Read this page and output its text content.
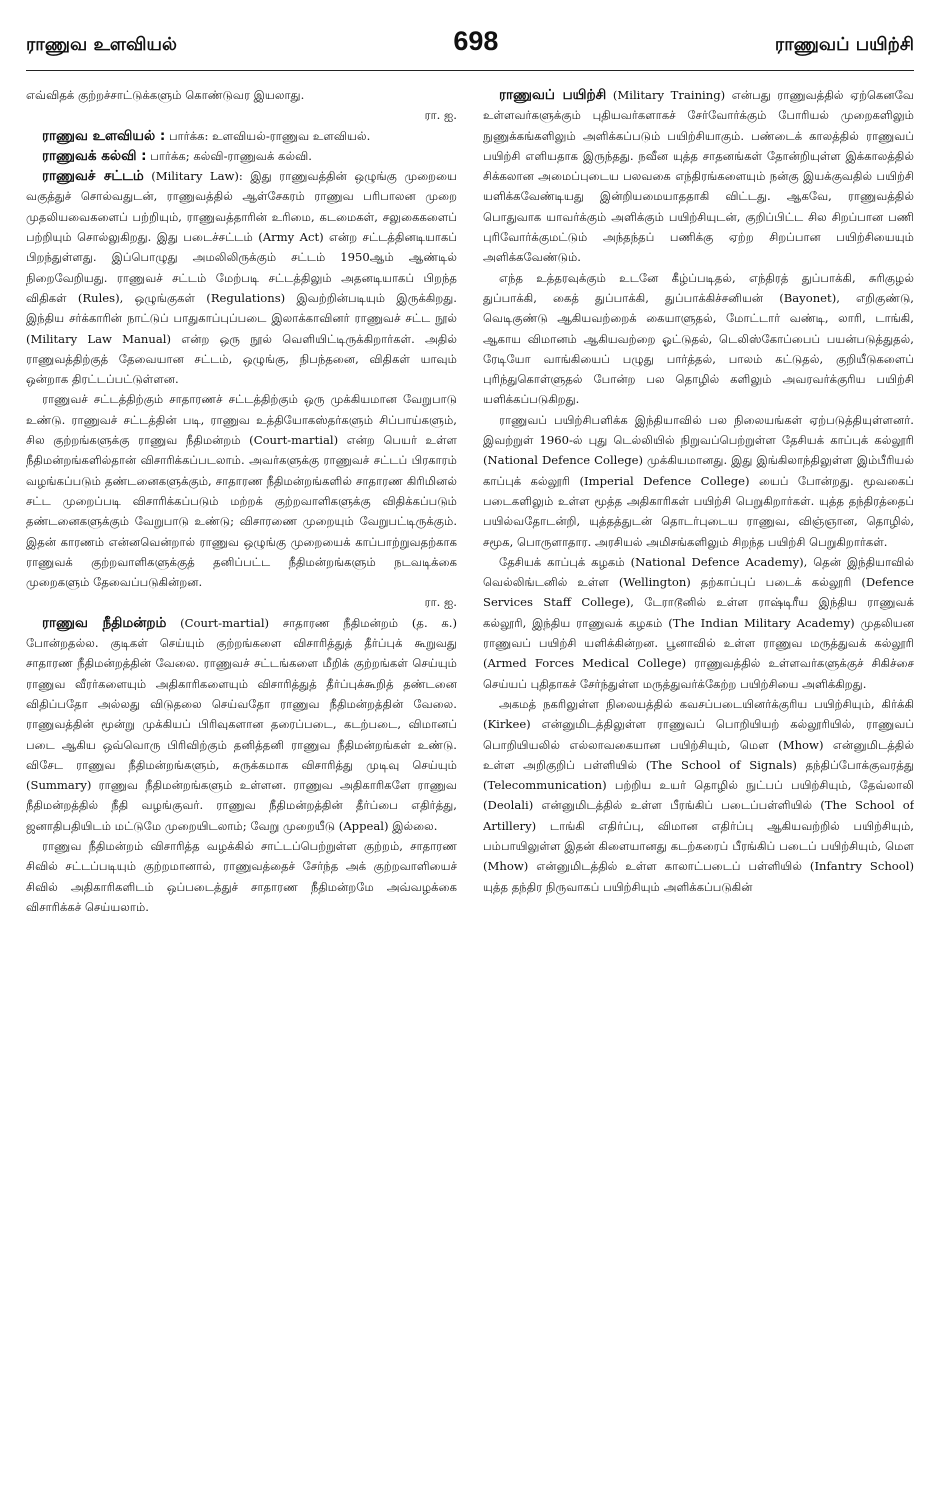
ராணுவ உளவியல்	698	ராணுவப் பயிற்சி

எவ்விதக் குற்றச்சாட்டுக்களும் கொண்டுவர இயலாது.
ரா. ஐ.

ராணுவ உளவியல் : பார்க்க: உளவியல்-ராணுவ உளவியல்.

ராணுவக் கல்வி : பார்க்க; கல்வி-ராணுவக் கல்வி.

ராணுவச் சட்டம் (Military Law): இது ராணுவத்தின் ஒழுங்கு முறையை வகுத்துச் சொல்வதுடன், ராணுவத்தில் ஆள்சேகரம் ராணுவ பரிபாலன முறை முதலியவைகளைப் பற்றியும், ராணுவத்தாரின் உரிமை, கடமைகள், சலுகைகளைப் பற்றியும் சொல்லுகிறது. இது படைச்சட்டம் (Army Act) என்ற சட்டத்தினடியாகப் பிறந்துள்ளது. இப்பொழுது அமலிலிருக்கும் சட்டம் 1950ஆம் ஆண்டில் நிறைவேறியது. ராணுவச் சட்டம் மேற்படி சட்டத்திலும் அதனடியாகப் பிறந்த விதிகள் (Rules), ஒழுங்குகள் (Regulations) இவற்றின்படியும் இருக்கிறது. இந்திய சர்க்காரின் நாட்டுப் பாதுகாப்புப்படை இலாக்காவினர் ராணுவச் சட்ட நூல் (Military Law Manual) என்ற ஒரு நூல் வெளியிட்டிருக்கிறார்கள். அதில் ராணுவத்திற்குத் தேவையான சட்டம், ஒழுங்கு, நிபந்தனை, விதிகள் யாவும் ஒன்றாக திரட்டப்பட்டுள்ளன.

ராணுவச் சட்டத்திற்கும் சாதாரணச் சட்டத்திற்கும் ஒரு முக்கியமான வேறுபாடு உண்டு. ராணுவச் சட்டத்தின் படி, ராணுவ உத்தியோகஸ்தர்களும் சிப்பாய்களும், சில குற்றங்களுக்கு ராணுவ நீதிமன்றம் (Court-martial) என்ற பெயர் உள்ள நீதிமன்றங்களில்தான் விசாரிக்கப்படலாம். அவர்களுக்கு ராணுவச் சட்டப் பிரகாரம் வழங்கப்படும் தண்டனைகளுக்கும், சாதாரண நீதிமன்றங்களில் சாதாரண கிரிமினல் சட்ட முறைப்படி விசாரிக்கப்படும் மற்றக் குற்றவாளிகளுக்கு விதிக்கப்படும் தண்டனைகளுக்கும் வேறுபாடு உண்டு; விசாரணை முறையும் வேறுபட்டிருக்கும். இதன் காரணம் என்னவென்றால் ராணுவ ஒழுங்கு முறையைக் காப்பாற்றுவதற்காக ராணுவக் குற்றவாளிகளுக்குத் தனிப்பட்ட நீதிமன்றங்களும் நடவடிக்கை முறைகளும் தேவைப்படுகின்றன.
ரா. ஐ.

ராணுவ நீதிமன்றம் (Court-martial) சாதாரண நீதிமன்றம் (த. க.) போன்றதல்ல. குடிகள் செய்யும் குற்றங்களை விசாரித்துத் தீர்ப்புக் கூறுவது சாதாரண நீதிமன்றத்தின் வேலை. ராணுவச் சட்டங்களை மீறிக் குற்றங்கள் செய்யும் ராணுவ வீரர்களையும் அதிகாரிகளையும் விசாரித்துத் தீர்ப்புக்கூறித் தண்டனை விதிப்பதோ அல்லது விடுதலை செய்வதோ ராணுவ நீதிமன்றத்தின் வேலை. ராணுவத்தின் மூன்று முக்கியப் பிரிவுகளான தரைப்படை, கடற்படை, விமானப் படை ஆகிய ஒவ்வொரு பிரிவிற்கும் தனித்தனி ராணுவ நீதிமன்றங்கள் உண்டு. விசேட ராணுவ நீதிமன்றங்களும், சுருக்கமாக விசாரித்து முடிவு செய்யும் (Summary) ராணுவ நீதிமன்றங்களும் உள்ளன. ராணுவ அதிகாரிகளே ராணுவ நீதிமன்றத்தில் நீதி வழங்குவர். ராணுவ நீதிமன்றத்தின் தீர்ப்பை எதிர்த்து, ஜனாதிபதியிடம் மட்டுமே முறையிடலாம்; வேறு முறையீடு (Appeal) இல்லை.

ராணுவ நீதிமன்றம் விசாரித்த வழக்கில் சாட்டப்பெற்றுள்ள குற்றம், சாதாரண சிவில் சட்டப்படியும் குற்றமானால், ராணுவத்தைச் சேர்ந்த அக் குற்றவாளியைச் சிவில் அதிகாரிகளிடம் ஒப்படைத்துச் சாதாரண நீதிமன்றமே அவ்வழக்கை விசாரிக்கச் செய்யலாம்.

ராணுவப் பயிற்சி (Military Training) என்பது ராணுவத்தில் ஏற்கெனவே உள்ளவர்களுக்கும் புதியவர்களாகச் சேர்வோர்க்கும் போரியல் முறைகளிலும் நுணுக்கங்களிலும் அளிக்கப்படும் பயிற்சியாகும். பண்டைக் காலத்தில் ராணுவப் பயிற்சி எளியதாக இருந்தது. நவீன யுத்த சாதனங்கள் தோன்றியுள்ள இக்காலத்தில் சிக்கலான அமைப்புடைய பலவகை எந்திரங்களையும் நன்கு இயக்குவதில் பயிற்சி யளிக்கவேண்டியது இன்றியமையாததாகி விட்டது. ஆகவே, ராணுவத்தில் பொதுவாக யாவர்க்கும் அளிக்கும் பயிற்சியுடன், குறிப்பிட்ட சில சிறப்பான பணி புரிவோர்க்குமட்டும் அந்தந்தப் பணிக்கு ஏற்ற சிறப்பான பயிற்சியையும் அளிக்கவேண்டும்.

எந்த உத்தரவுக்கும் உடனே கீழ்ப்படிதல், எந்திரத் துப்பாக்கி, சுரிகுழல் துப்பாக்கி, கைத் துப்பாக்கி, துப்பாக்கிச்சனியன் (Bayonet), எறிகுண்டு, வெடிகுண்டு ஆகியவற்றைக் கையாளுதல், மோட்டார் வண்டி, லாரி, டாங்கி, ஆகாய விமானம் ஆகியவற்றை ஓட்டுதல், டெலிஸ்கோப்பைப் பயன்படுத்துதல், ரேடியோ வாங்கியைப் பழுது பார்த்தல், பாலம் கட்டுதல், குறியீடுகளைப் புரிந்துகொள்ளுதல் போன்ற பல தொழில் களிலும் அவரவர்க்குரிய பயிற்சி யளிக்கப்படுகிறது.

ராணுவப் பயிற்சிபளிக்க இந்தியாவில் பல நிலையங்கள் ஏற்படுத்தியுள்ளனர். இவற்றுள் 1960-ல் புது டெல்லியில் நிறுவப்பெற்றுள்ள தேசியக் காப்புக் கல்லூரி (National Defence College) முக்கியமானது. இது இங்கிலாந்திலுள்ள இம்பீரியல் காப்புக் கல்லூரி (Imperial Defence College) யைப் போன்றது. மூவகைப் படைகளிலும் உள்ள மூத்த அதிகாரிகள் பயிற்சி பெறுகிறார்கள். யுத்த தந்திரத்தைப் பயில்வதோடன்றி, யுத்தத்துடன் தொடர்புடைய ராணுவ, விஞ்ஞான, தொழில், சமூக, பொருளாதார. அரசியல் அமிசங்களிலும் சிறந்த பயிற்சி பெறுகிறார்கள்.

தேசியக் காப்புக் கழகம் (National Defence Academy), தென் இந்தியாவில் வெல்லிங்டனில் உள்ள (Wellington) தற்காப்புப் படைக் கல்லூரி (Defence Services Staff College), டேராடூனில் உள்ள ராஷ்டிரீய இந்திய ராணுவக் கல்லூரி, இந்திய ராணுவக் கழகம் (The Indian Military Academy) முதலியன ராணுவப் பயிற்சி யளிக்கின்றன. பூனாவில் உள்ள ராணுவ மருத்துவக் கல்லூரி (Armed Forces Medical College) ராணுவத்தில் உள்ளவர்களுக்குச் சிகிச்சை செய்யப் புதிதாகச் சேர்ந்துள்ள மருத்துவர்க்கேற்ற பயிற்சியை அளிக்கிறது.

அகமத் நகரிலுள்ள நிலையத்தில் கவசப்படையினர்க்குரிய பயிற்சியும், கிர்க்கி (Kirkee) என்னுமிடத்திலுள்ள ராணுவப் பொறியியற் கல்லூரியில், ராணுவப் பொறியியலில் எல்லாவகையான பயிற்சியும், மௌ (Mhow) என்னுமிடத்தில் உள்ள அறிகுறிப் பள்ளியில் (The School of Signals) தந்திப்போக்குவரத்து (Telecommunication) பற்றிய உயர் தொழில் நுட்பப் பயிற்சியும், தேவ்லாலி (Deolali) என்னுமிடத்தில் உள்ள பீரங்கிப் படைப்பள்ளியில் (The School of Artillery) டாங்கி எதிர்ப்பு, விமான எதிர்ப்பு ஆகியவற்றில் பயிற்சியும், பம்பாயிலுள்ள இதன் கிளையானது கடற்கரைப் பீரங்கிப் படைப் பயிற்சியும், மௌ (Mhow) என்னுமிடத்தில் உள்ள காலாட்படைப் பள்ளியில் (Infantry School) யுத்த தந்திர நிருவாகப் பயிற்சியும் அளிக்கப்படுகின்
